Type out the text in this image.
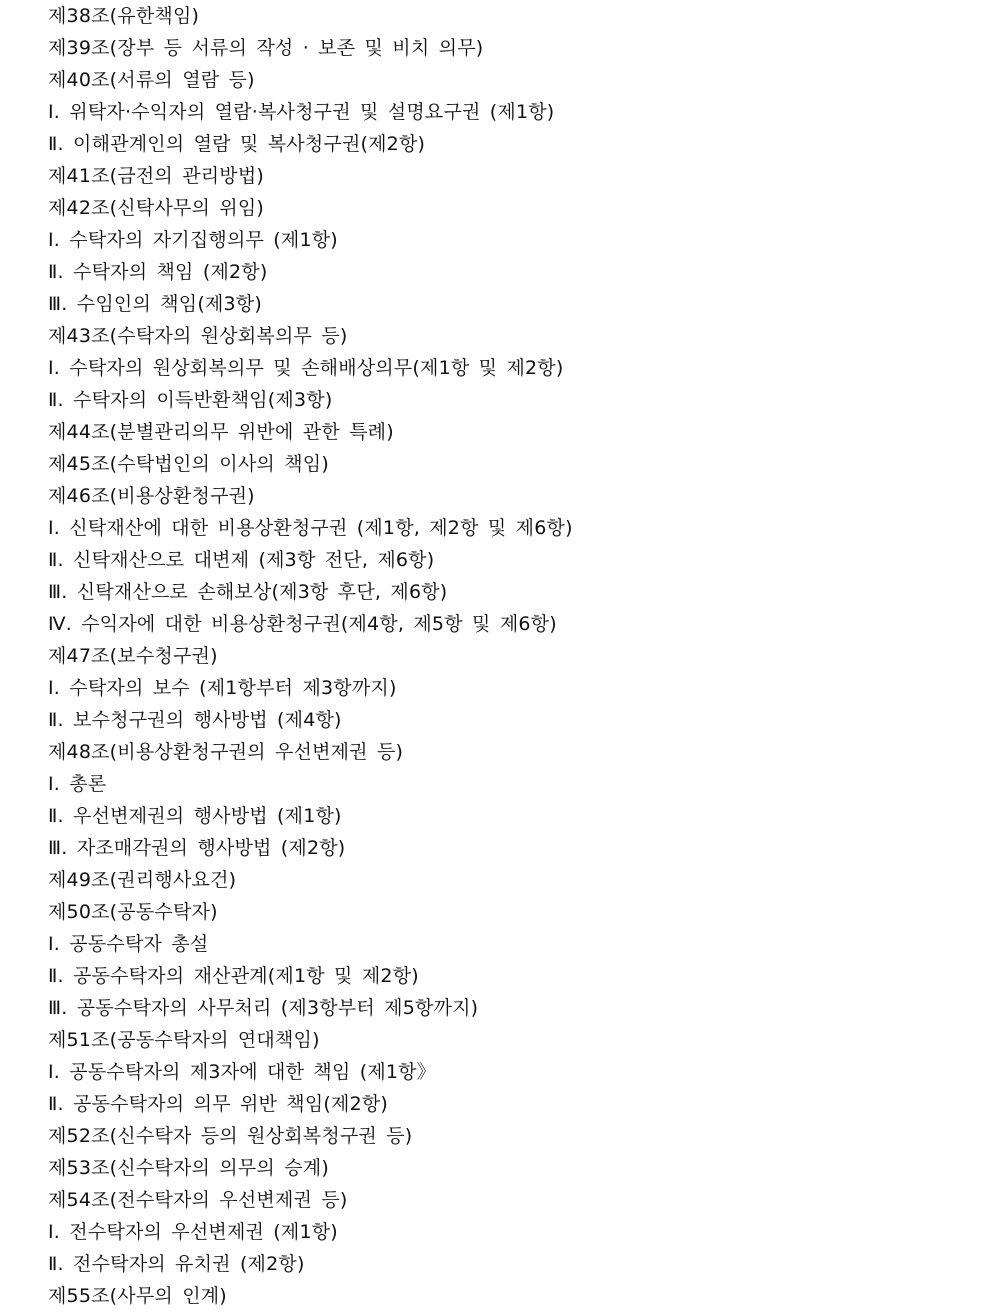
제38조(유한책임)
제39조(장부 등 서류의 작성 · 보존 및 비치 의무)
제40조(서류의 열람 등)
Ⅰ. 위탁자·수익자의 열람·복사청구권 및 설명요구권 (제1항)
Ⅱ. 이해관계인의 열람 및 복사청구권(제2항)
제41조(금전의 관리방법)
제42조(신탁사무의 위임)
Ⅰ. 수탁자의 자기집행의무 (제1항)
Ⅱ. 수탁자의 책임 (제2항)
Ⅲ. 수임인의 책임(제3항)
제43조(수탁자의 원상회복의무 등)
Ⅰ. 수탁자의 원상회복의무 및 손해배상의무(제1항 및 제2항)
Ⅱ. 수탁자의 이득반환책임(제3항)
제44조(분별관리의무 위반에 관한 특례)
제45조(수탁법인의 이사의 책임)
제46조(비용상환청구권)
Ⅰ. 신탁재산에 대한 비용상환청구권 (제1항, 제2항 및 제6항)
Ⅱ. 신탁재산으로 대변제 (제3항 전단, 제6항)
Ⅲ. 신탁재산으로 손해보상(제3항 후단, 제6항)
Ⅳ. 수익자에 대한 비용상환청구권(제4항, 제5항 및 제6항)
제47조(보수청구권)
Ⅰ. 수탁자의 보수 (제1항부터 제3항까지)
Ⅱ. 보수청구권의 행사방법 (제4항)
제48조(비용상환청구권의 우선변제권 등)
Ⅰ. 총론
Ⅱ. 우선변제권의 행사방법 (제1항)
Ⅲ. 자조매각권의 행사방법 (제2항)
제49조(권리행사요건)
제50조(공동수탁자)
Ⅰ. 공동수탁자 총설
Ⅱ. 공동수탁자의 재산관계(제1항 및 제2항)
Ⅲ. 공동수탁자의 사무처리 (제3항부터 제5항까지)
제51조(공동수탁자의 연대책임)
Ⅰ. 공동수탁자의 제3자에 대한 책임 (제1항》
Ⅱ. 공동수탁자의 의무 위반 책임(제2항)
제52조(신수탁자 등의 원상회복청구권 등)
제53조(신수탁자의 의무의 승계)
제54조(전수탁자의 우선변제권 등)
Ⅰ. 전수탁자의 우선변제권 (제1항)
Ⅱ. 전수탁자의 유치권 (제2항)
제55조(사무의 인계)
